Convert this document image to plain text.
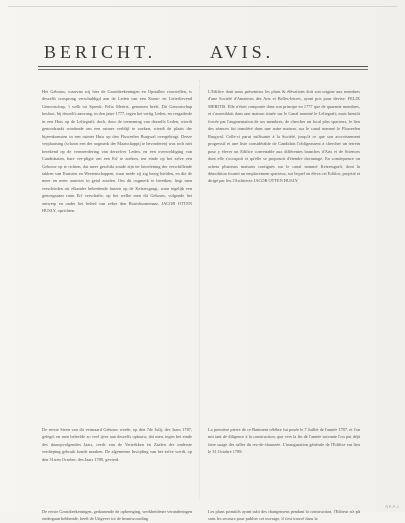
BERICHT.	AVIS.

Het Gebouw, waarvan wij hier de Grondteekeningen en Opstallen voorstellen, is deszelfs oorsprong verschuldigd aan de Leden van een Kunst- en Letterlievend Genootschap, 't welk tot Spreuk: Felix Meritis, genomen heeft. Dit Genootschap besloot, bij deszelfs aanvang, in den jaare 1777, tegen het vertig Leden, en vergaderde in een Huis op de Leliegraft; doch, door de toeneming van deszelfs Leden, wierdt genoodzaakt wordende om een ruimer verblijf te zoeken, wierdt de plaats der bijeenkomsten in een ruimer Huis op den Fluweelen Burgwal overgebragt. Deeze verplaatsing (schoon een der oogmerk der Maatschappij te bevorderen) was toch niet berekend op de vermeerdering van derzelver Leden, en een overweldiging van Candidaaten, hare ver-pligte om een Erf te zoeken, ten einde op het zelve een Gebouw op te richten, dat meer geschikt zoude zijn ter beoefening der verschillende takken van Kunsten en Weetenschappen, waar mede zij zig bezig hielden, en die de meer en meer aanwies in getal zouden. Om dit oogmerk te bereiken, liegt men verschieden uit elkander beleedende huizen op de Keizersgragt, waar tegelijk een genoegzaam ruim Erf verschafte, op het welke men dit Gebouw, volgende het ontwerp en onder het beleid van zeker den Bouwkunstenaar, JACOB OTTEN HUSLY, oprichten.

De eerste Steen van dit vermaard Gebouw werde, op den 7de Julij, des Jaars 1787, gelegd; en men beleefde zo veel ijver aan deszelfs opbouw, dat men, tegen het einde des daaropvolgenden Jaars, reeds van de Vertrekken en Zaalen der onderste verdieping gebruik konde maaken. De algemeene Inwijding van het zelve werdt, op den 31sten October, des Jaars 1789, gevierd.

De eerste Grondteekeningen, gedaanende de opbrenging, werkbeidener veranderingen ondergaan hebbende, heeft de Uitgever tot de beantwoording

L'Edifice dont nous présentons les plans & élévations doit son origine aux membres d'une Société d'Amateurs des Arts et Belles-lettres, ayant pris pour devise: FELIX MERITIS. Elle n'étoit composée dans son principe en 1777 que de quarante membres, et s'assembloit dans une maison située sur le Canal nommé le Leliegraft; mais bientôt forcée par l'augmentation de ses membres, de chercher un local plus spacieux, le lieu des séances fut transféré dans une autre maison, sur le canal nommé le Fluweelen Burgwal. Celle-ci parut suffisante à la Société, jusqu'à ce que son accroissement progressif et une liste considérable de Candidats l'obligeassent à chercher un terrein pour y élever un Edifice convenable aux différentes branches d'Arts et de Sciences dont elle s'occupoit et qu'elle se proposoit d'étendre davantage. En conséquence on acheta plusieurs maisons contiguës sur le canal nommé Keizersgraft, dont la démolition fournit un emplacement spacieux, sur lequel on éleva cet Edifice, projetté et dirigé par feu l'Architecte JACOB OTTEN HUSLY.

La première pierre de ce Batiment célèbre fut posée le 7 Juillet de l'année 1787, et l'on mit tant de diligence à la construction, que vers la fin de l'année suivante l'on put déjà faire usage des salles du rez-de-chaussée. L'inauguration générale de l'Edifice eut lieu le 31 Octobre 1789.

Les plans primitifs ayant subi des changemens pendant la construction, l'Editeur n'a pû sans les secours pour publier cet ouvrage, il s'est trouvé dans la

R.P.-P.-1
